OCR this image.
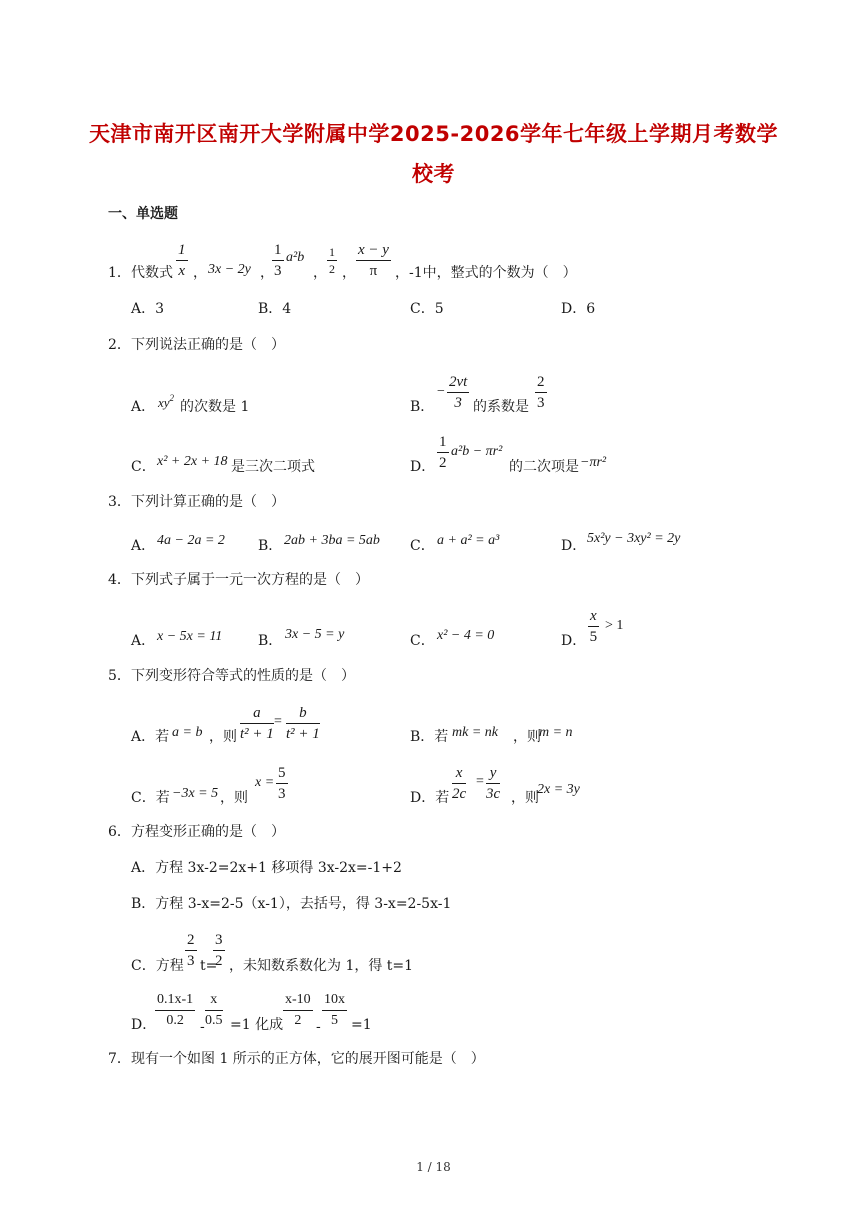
天津市南开区南开大学附属中学2025-2026学年七年级上学期月考数学
校考
一、单选题
1． 代数式 $\frac{1}{x}$ ， 3x − 2y ，
$\frac{1}{3} a^2b$
， $\frac{1}{2}$ ， $\frac{x - y}{\pi}$ ，-1中，整式的个数为（　）
A．3	B．4	C．5	D．6
2． 下列说法正确的是（　）
A． $xy^2$
的次数是 1	B．
− $\frac{2vt}{3}$ 的系数是 $\frac{2}{3}$
C． x² + 2x + 18 是三次二项式	D． $\frac{1}{2} a^2b - \pi r^2$
的二次项是 −πr²
3． 下列计算正确的是（　）
A． 4a − 2a = 2 B． 2ab + 3ba = 5ab C． a + a² = a³	D． 5x²y − 3xy² = 2y
4． 下列式子属于一元一次方程的是（　）
A． x − 5x = 11	B． 3x − 5 = y	C． x² − 4 = 0	D． $\frac{x}{5} > 1$
5． 下列变形符合等式的性质的是（　）
A．若 a = b ，则 $\frac{a}{\text{t² + 1}} = \frac{b}{\text{t² + 1}}$	B．若 mk = nk ，则
m = n
C．若 −3x = 5 ，则
$x = \frac{5}{3}$	D．若 $\frac{x}{2c} = \frac{y}{3c}$ ，则
2x = 3y
6． 方程变形正确的是（　）
A．方程 3x-2=2x+1 移项得 3x-2x=-1+2
B．方程 3-x=2-5（x-1），去括号，得 3-x=2-5x-1
C．方程 $\frac{2}{3} t=$
$\frac{3}{2}$ ，未知数系数化为 1，得 t=1
D．
$\frac{0.1x-1}{0.2} - \frac{x}{0.5} =1$ 化成 $\frac{x-10}{2} - \frac{10x}{5} =1$
7． 现有一个如图 1 所示的正方体，它的展开图可能是（　）
1 / 18
